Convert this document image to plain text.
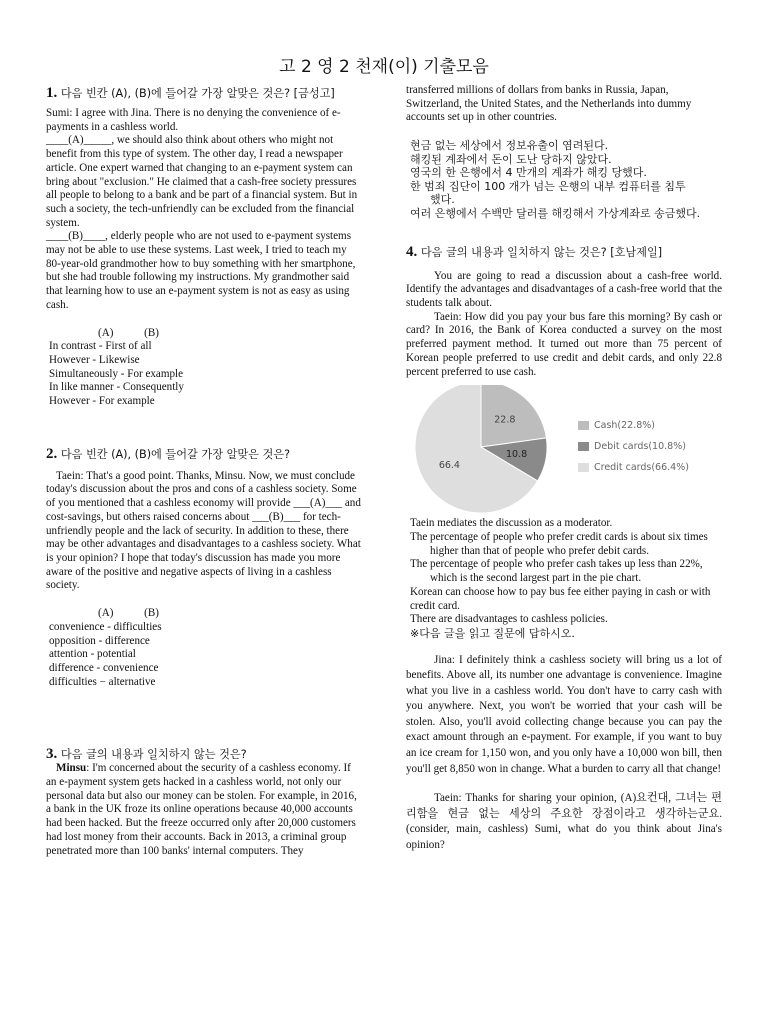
고 2 영 2 천재(이) 기출모음
1. 다음 빈칸 (A), (B)에 들어갈 가장 알맞은 것은? [금성고]

Sumi: I agree with Jina. There is no denying the convenience of e-payments in a cashless world.

____(A)_____, we should also think about others who might not benefit from this type of system. The other day, I read a newspaper article. One expert warned that changing to an e-payment system can bring about "exclusion." He claimed that a cash-free society pressures all people to belong to a bank and be part of a financial system. But in such a society, the tech-unfriendly can be excluded from the financial system.

____(B)____, elderly people who are not used to e-payment systems may not be able to use these systems. Last week, I tried to teach my 80-year-old grandmother how to buy something with her smartphone, but she had trouble following my instructions. My grandmother said that learning how to use an e-payment system is not as easy as using cash.

(A) (B)
In contrast - First of all
However - Likewise
Simultaneously - For example
In like manner - Consequently
However - For example
2. 다음 빈칸 (A), (B)에 들어갈 가장 알맞은 것은?

Taein: That's a good point. Thanks, Minsu. Now, we must conclude today's discussion about the pros and cons of a cashless society. Some of you mentioned that a cashless economy will provide ___(A)___ and cost-savings, but others raised concerns about ___(B)___ for tech-unfriendly people and the lack of security. In addition to these, there may be other advantages and disadvantages to a cashless society. What is your opinion? I hope that today's discussion has made you more aware of the positive and negative aspects of living in a cashless society.

(A) (B)
convenience - difficulties
opposition - difference
attention - potential
difference - convenience
difficulties − alternative
3. 다음 글의 내용과 일치하지 않는 것은?

Minsu: I'm concerned about the security of a cashless economy. If an e-payment system gets hacked in a cashless world, not only our personal data but also our money can be stolen. For example, in 2016, a bank in the UK froze its online operations because 40,000 accounts had been hacked. But the freeze occurred only after 20,000 customers had lost money from their accounts. Back in 2013, a criminal group penetrated more than 100 banks' internal computers. They

transferred millions of dollars from banks in Russia, Japan, Switzerland, the United States, and the Netherlands into dummy accounts set up in other countries.

현금 없는 세상에서 정보유출이 염려된다.
해킹된 계좌에서 돈이 도난 당하지 않았다.
영국의 한 은행에서 4 만개의 계좌가 해킹 당했다.
한 범죄 집단이 100 개가 넘는 은행의 내부 컴퓨터를 침투했다.
여러 은행에서 수백만 달러를 해킹해서 가상계좌로 송금했다.
4. 다음 글의 내용과 일치하지 않는 것은? [호남제일]

You are going to read a discussion about a cash-free world. Identify the advantages and disadvantages of a cash-free world that the students talk about.

Taein: How did you pay your bus fare this morning? By cash or card? In 2016, the Bank of Korea conducted a survey on the most preferred payment method. It turned out more than 75 percent of Korean people preferred to use credit and debit cards, and only 22.8 percent preferred to use cash.

22.8
10.8
66.4
Cash(22.8%)
Debit cards(10.8%)
Credit cards(66.4%)
Taein mediates the discussion as a moderator.
The percentage of people who prefer credit cards is about six times higher than that of people who prefer debit cards.
The percentage of people who prefer cash takes up less than 22%, which is the second largest part in the pie chart.
Korean can choose how to pay bus fee either paying in cash or with credit card.
There are disadvantages to cashless policies.
※다음 글을 읽고 질문에 답하시오.

Jina: I definitely think a cashless society will bring us a lot of benefits. Above all, its number one advantage is convenience. Imagine what you live in a cashless world. You don't have to carry cash with you anywhere. Next, you won't be worried that your cash will be stolen. Also, you'll avoid collecting change because you can pay the exact amount through an e-payment. For example, if you want to buy an ice cream for 1,150 won, and you only have a 10,000 won bill, then you'll get 8,850 won in change. What a burden to carry all that change!

Taein: Thanks for sharing your opinion, (A)요컨대, 그녀는 편리함을 현금 없는 세상의 주요한 장점이라고 생각하는군요. (consider, main, cashless) Sumi, what do you think about Jina's opinion?
